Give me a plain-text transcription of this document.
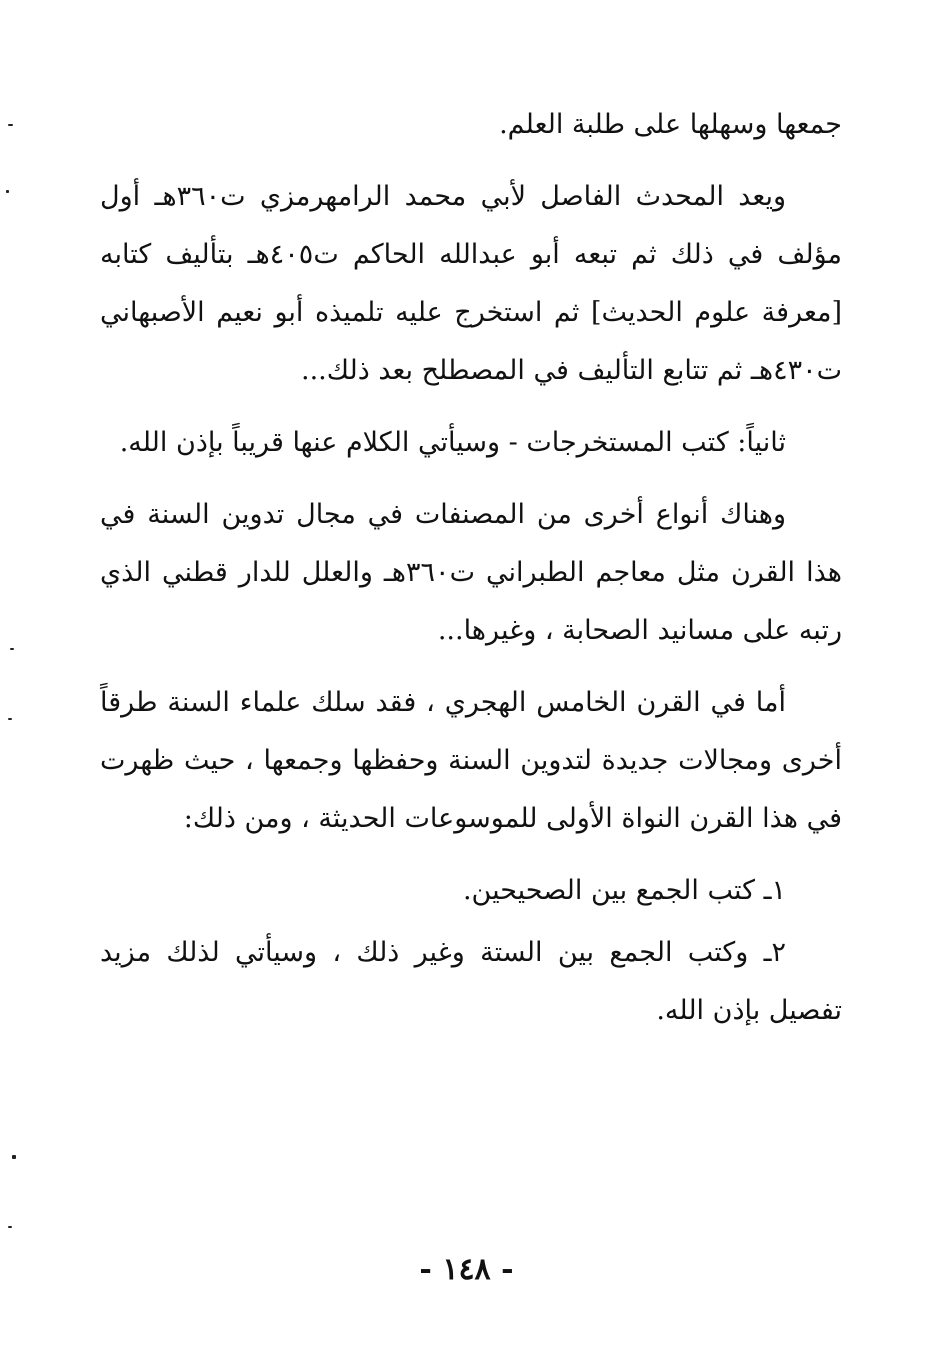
جمعها وسهلها على طلبة العلم.

ويعد المحدث الفاصل لأبي محمد الرامهرمزي ت٣٦٠هـ أول مؤلف في ذلك ثم تبعه أبو عبدالله الحاكم ت٤٠٥هـ بتأليف كتابه [معرفة علوم الحديث] ثم استخرج عليه تلميذه أبو نعيم الأصبهاني ت٤٣٠هـ ثم تتابع التأليف في المصطلح بعد ذلك...

ثانياً: كتب المستخرجات - وسيأتي الكلام عنها قريباً بإذن الله.

وهناك أنواع أخرى من المصنفات في مجال تدوين السنة في هذا القرن مثل معاجم الطبراني ت٣٦٠هـ والعلل للدار قطني الذي رتبه على مسانيد الصحابة ، وغيرها...

أما في القرن الخامس الهجري ، فقد سلك علماء السنة طرقاً أخرى ومجالات جديدة لتدوين السنة وحفظها وجمعها ، حيث ظهرت في هذا القرن النواة الأولى للموسوعات الحديثة ، ومن ذلك:

١ـ كتب الجمع بين الصحيحين.

٢ـ وكتب الجمع بين الستة وغير ذلك ، وسيأتي لذلك مزيد تفصيل بإذن الله.

- ١٤٨ -
